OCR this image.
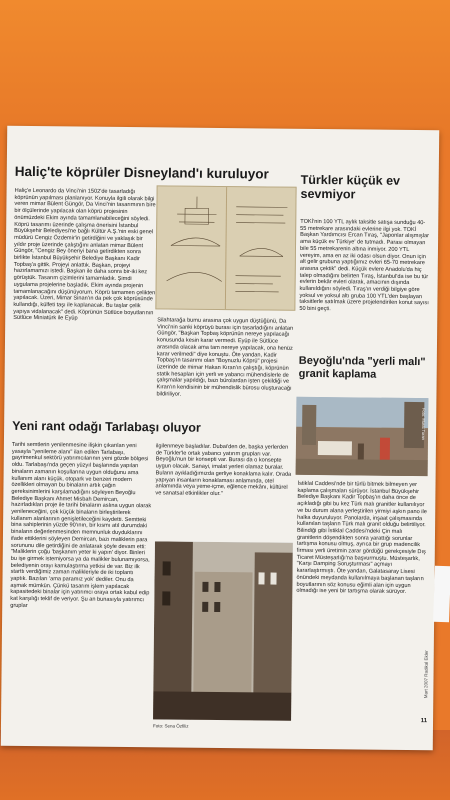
Haliç'te köprüler Disneyland'ı kuruluyor

Haliç'e Leonardo da Vinci'nin 1502'de tasarladığı köprünün yapılması planlanıyor. Konuyla ilgili olarak bilgi veren mimar Bülent Güngör, Da Vinci'nin tasarımının bire bir ölçülerinde yapılacak olan köprü projesinin önümüzdeki Ekim ayında tamamlanabileceğini söyledi. Köprü tasarımı üzerinde çalışma önerisini İstanbul Büyükşehir Belediyesi'ne bağlı Kültür A.Ş.'nin eski genel müdürü Cengiz Özdemir'in getirdiğini ve yaklaşık bir yıldır proje üzerinde çalıştığını anlatan mimar Bülent Güngör, "Cengiz Bey öneriyi bana getirdikten sonra birlikte İstanbul Büyükşehir Belediye Başkanı Kadir Topbaş'a gittik. Projeyi anlattık. Başkan, projeyi hazırlamamızı istedi. Başkan ile daha sonra bir-iki kez görüştük. Tasarım çizimlerini tamamladık. Şimdi uygulama projelerine başladık. Ekim ayında projenin tamamlanacağını düşünüyorum. Köprü tamamen çelikten yapılacak. Üzeri, Mimar Sinan'ın da pek çok köprüsünde kullandığı, külfeti taşı ile kaplanacak. Bu taşlar çelik yapıya vidalanacak" dedi. Köprünün Sütlüce boyutlarının Sütlüce Miniatürk ile Eyüp	Silahtarağa bumu arasına çok uygun düştüğünü, Da Vinci'nin sanki köprüyü burası için tasarladığını anlatan Güngör, "Başkan Topbaş köprünün nereye yapılacağı konusunda kesin karar vermedi. Eyüp ile Sütlüce arasında olacak ama tam nereye yapılacak, ona henüz karar verilmedi" diye konuştu. Öte yandan, Kadir Topbaş'ın tasarımı olan "Boynuzlu Köprü" projesi üzerinde de mimar Hakan Kıran'ın çalıştığı, köprünün statik hesapları için yerli ve yabancı mühendislerle de çalışmalar yapıldığı, bazı bürolardan işten çekildiği ve Kıran'ın kendisinin bir mühendislik bürosu oluşturacağı bildiriliyor.

Türkler küçük ev sevmiyor

TOKİ'nin 100 YTL aylık taksitle satışa sunduğu 40-55 metrekare arasındaki evlerine ilgi yok. TOKİ Başkan Yardımcısı Ercan Tıraş, "Japonlar alışmışlar ama küçük ev Türkiye' de tutmadı. Parası olmayan bile 55 metrekarenin altına inmiyor. 200 YTL vereyim, ama en az iki odası olsun diyor. Onun için alt gelir grubuna yaptığımız evleri 65-70 metrekare arasına çektik" dedi. Küçük evlere Anadolu'da hiç talep olmadığını belirten Tıraş, İstanbul'da ise bu tür evlerin bekâr evleri olarak, amacının dışında kullanıldığını söyledi. Tıraş'ın verdiği bilgiye göre yoksul ve yoksul altı gruba 100 YTL'den başlayan taksitlerle satılmak üzere projelendirilen konut sayısı 50 bini geçti.

Beyoğlu'nda "yerli malı" granit kaplama
Foto: Murat Turan

İstiklal Caddesi'nde bir türlü bitmek bilmeyen yer kaplama çalışmaları sürüyor. İstanbul Büyükşehir Belediye Başkanı Kadir Topbaş'ın daha önce de açıkladığı gibi bu kez Türk malı granitler kullanılıyor ve bu durum alana yerleştirilen yirmiyi aşkın pano ile halka duyuruluyor. Panolarda, inşaat çalışmasında kullanılan taşların Türk malı granit olduğu belirtiliyor. Bilindiği gibi İstiklal Caddesi'ndeki Çin malı granitlerin döşendikten sonra yarattığı sorunlar tartışma konusu olmuş, ayrıca bir grup madencilik firması yerli üretimin zarar gördüğü gerekçesiyle Dış Ticaret Müsteşarlığı'na başvurmuştu. Müsteşarlık, "Karşı Damping Soruşturması" açmayı kararlaştırmıştı. Öte yandan, Galatasaray Lisesi önündeki meydanda kullanılmaya başlanan taşların boyutlarının söz konusu eğimli alan için uygun olmadığı ise yeni bir tartışma olarak sürüyor.

Yeni rant odağı Tarlabaşı oluyor

Tarihi semtlerin yenilenmesine ilişkin çıkarılan yeni yasayla "yenileme alanı" ilan edilen Tarlabaşı, gayrimenkul sektörü yatırımcılarının yeni gözde bölgesi oldu. Tarlabaşı'nda geçen yüzyıl başlarında yapılan binaların zamanın koşullarına uygun olduğunu ama kullanım alanı küçük, otopark ve benzeri modern özellikleri olmayan bu binaların artık çağın gereksinimlerini karşılamadığını söyleyen Beyoğlu Belediye Başkanı Ahmet Misbah Demircan, hazırladıkları proje ile tarihi binaların aslına uygun olarak yenileneceğini, çok küçük binaların birleştirilerek kullanım alanlarının genişletileceğini kaydetti. Semtteki bina sahiplerinin yüzde 90'ının, bir kısmı atıl durumdaki binaların değerlenmesinden memnunluk duyduklarını ifade ettiklerini söyleyen Demircan, bazı maliklerin para sorununu dile getirdiğini de anlatarak şöyle devam etti: "Maliklerin çoğu 'başkanım yeter ki yapın' diyor. Binleri bu işe girmek istemiyorsa ya da malikler bulunamıyorsa, belediyenin orayı kamulaştırma yetkisi de var. Biz ilk starttı verdiğimiz zaman malikleriyle de iki toplantı yaptık. Bazıları 'ama paramız yok' dediler. Onu da aşmak mümkün. Çünkü tasarım işlem yapılacak kapasitedeki binalar için yatırımcı oraya ortak kabul edip kat karşılığı teklif de veriyor. Şu an bunasıyla yatırımcı gruplar

ilgilenmeye başladılar. Dubai'den de, başka yerlerden de Türkler'le ortak yabancı yatırım grupları var. Beyoğlu'nun bir konsepti var. Burası da o konsepte uygun olacak. Sanayi, imalat yerleri olamaz buralar. Buların ayıkladığımızda gerliye konaklama kalır. Orada yapıyan insanların konaklaması anlamında, otel anlamında veya yeme-içme, eğlence mekânı, kültürel ve sanatsal etkinlikler olur."

Foto: Sena Özfiliz
Mart 2007 Radikal Ekler
11
